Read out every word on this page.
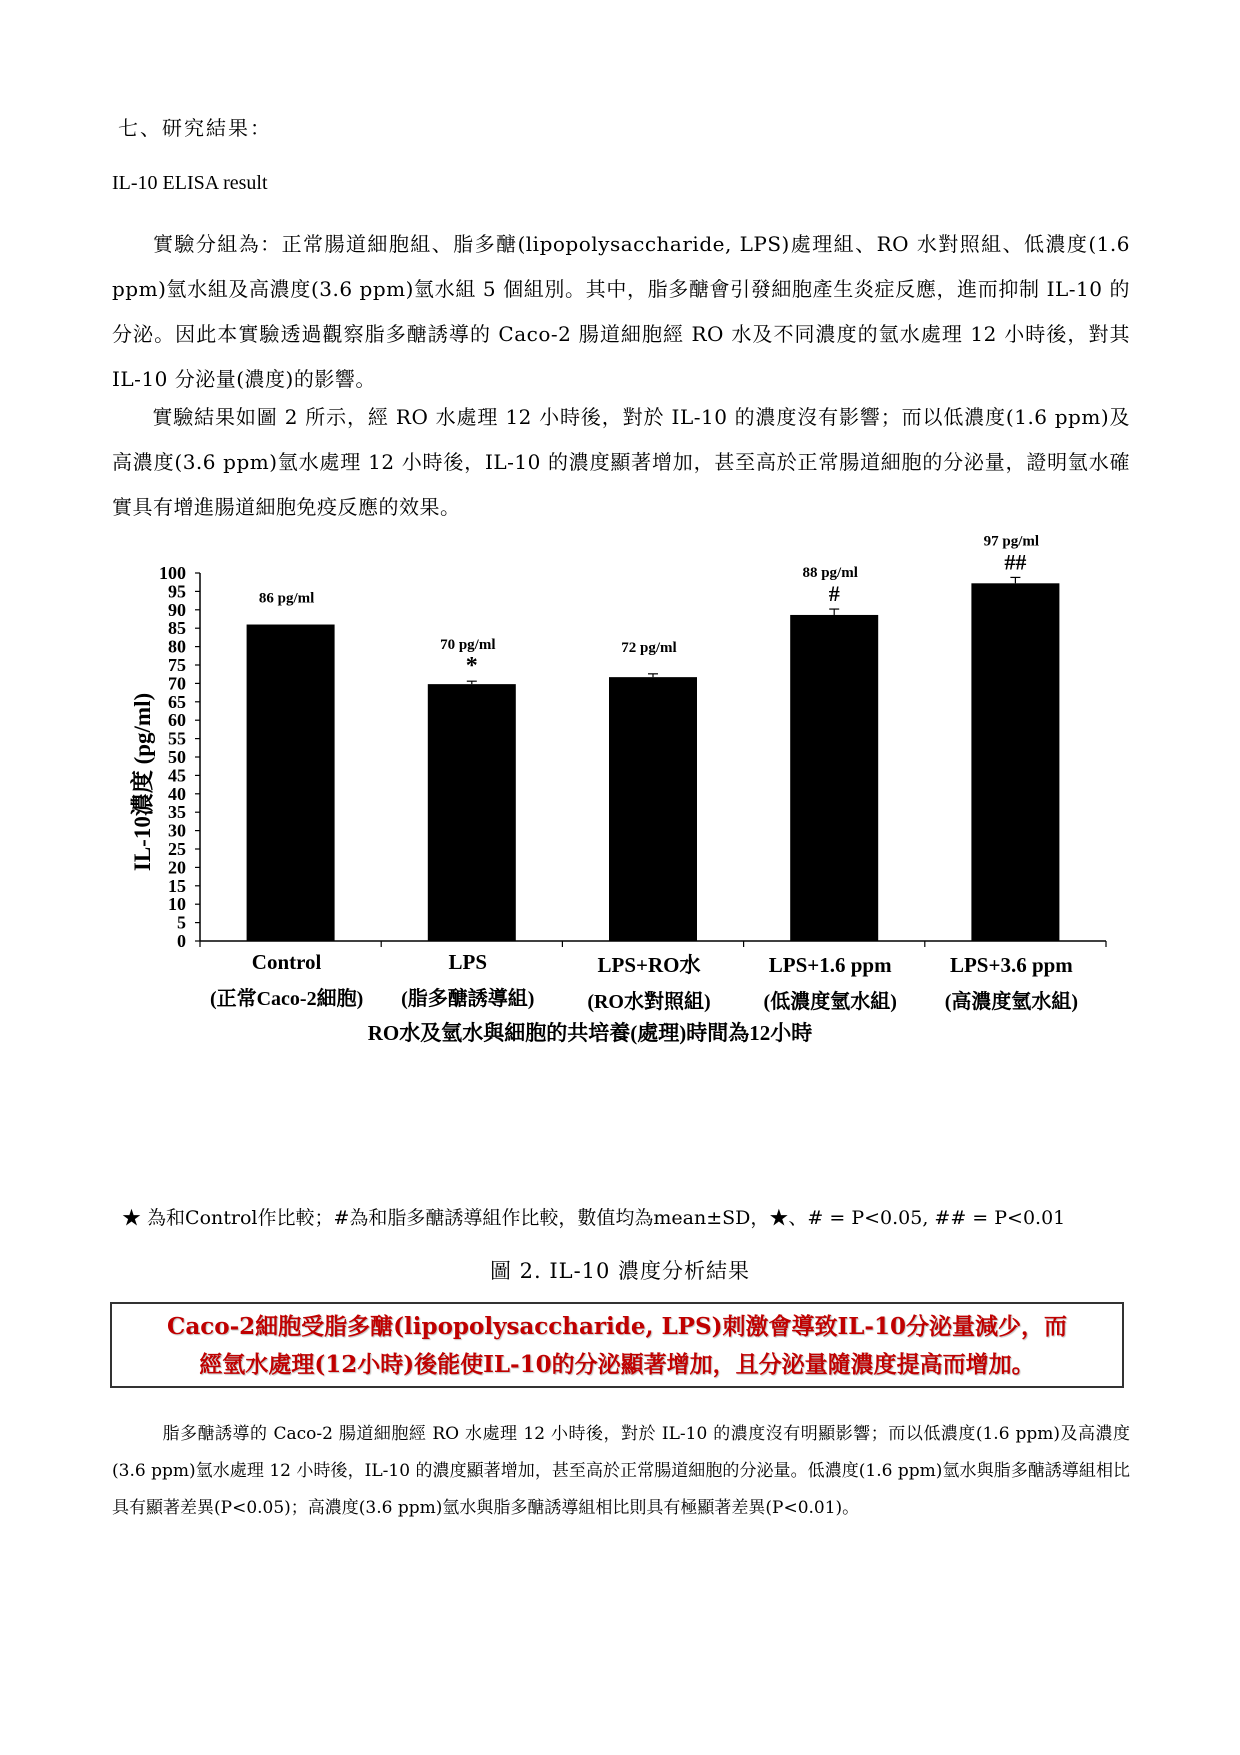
七、研究結果：
IL-10 ELISA result
實驗分組為：正常腸道細胞組、脂多醣(lipopolysaccharide, LPS)處理組、RO 水對照組、低濃度(1.6 ppm)氫水組及高濃度(3.6 ppm)氫水組 5 個組別。其中，脂多醣會引發細胞產生炎症反應，進而抑制 IL-10 的分泌。因此本實驗透過觀察脂多醣誘導的 Caco-2 腸道細胞經 RO 水及不同濃度的氫水處理 12 小時後，對其 IL-10 分泌量(濃度)的影響。
實驗結果如圖 2 所示，經 RO 水處理 12 小時後，對於 IL-10 的濃度沒有影響；而以低濃度(1.6 ppm)及高濃度(3.6 ppm)氫水處理 12 小時後，IL-10 的濃度顯著增加，甚至高於正常腸道細胞的分泌量，證明氫水確實具有增進腸道細胞免疫反應的效果。
0
5
10
15
20
25
30
35
40
45
50
55
60
65
70
75
80
85
90
95
100
Control
(正常Caco-2細胞)
LPS
(脂多醣誘導組)
LPS+RO水
(RO水對照組)
LPS+1.6 ppm
(低濃度氫水組)
LPS+3.6 ppm
(高濃度氫水組)
86 pg/ml
*
70 pg/ml	72 pg/ml
#
88 pg/ml	##
97 pg/ml
IL-10濃度 (pg/ml)
RO水及氫水與細胞的共培養(處理)時間為12小時
★ 為和Control作比較；#為和脂多醣誘導組作比較，數值均為mean±SD，★、# = P<0.05, ## = P<0.01
圖 2. IL-10 濃度分析結果
Caco-2細胞受脂多醣(lipopolysaccharide, LPS)刺激會導致IL-10分泌量減少，而
經氫水處理(12小時)後能使IL-10的分泌顯著增加，且分泌量隨濃度提高而增加。
脂多醣誘導的 Caco-2 腸道細胞經 RO 水處理 12 小時後，對於 IL-10 的濃度沒有明顯影響；而以低濃度(1.6 ppm)及高濃度(3.6 ppm)氫水處理 12 小時後，IL-10 的濃度顯著增加，甚至高於正常腸道細胞的分泌量。低濃度(1.6 ppm)氫水與脂多醣誘導組相比具有顯著差異(P<0.05)；高濃度(3.6 ppm)氫水與脂多醣誘導組相比則具有極顯著差異(P<0.01)。
